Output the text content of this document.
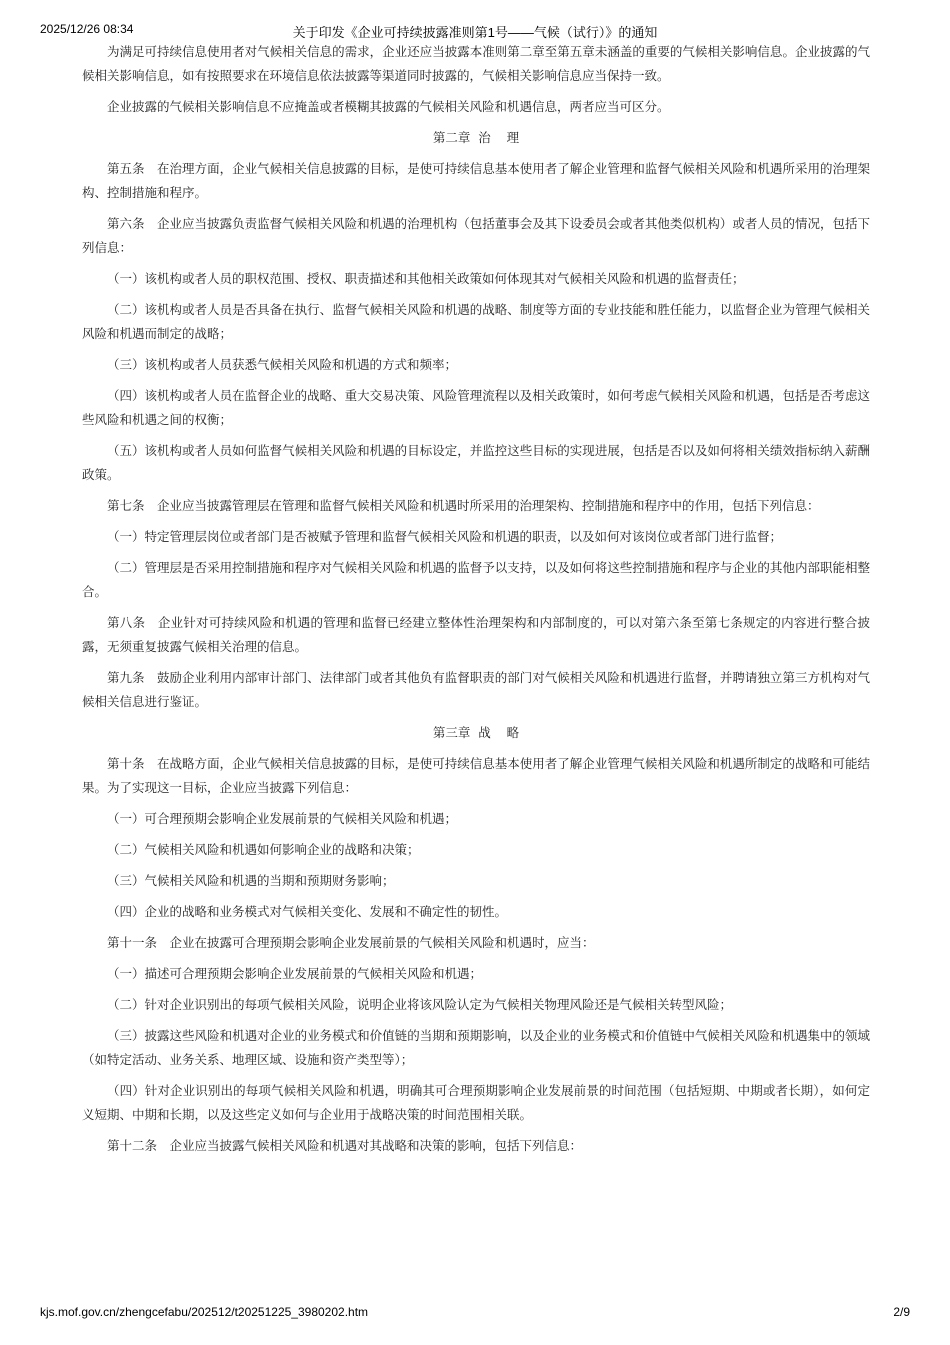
2025/12/26 08:34	关于印发《企业可持续披露准则第1号——气候（试行）》的通知

为满足可持续信息使用者对气候相关信息的需求，企业还应当披露本准则第二章至第五章未涵盖的重要的气候相关影响信息。企业披露的气候相关影响信息，如有按照要求在环境信息依法披露等渠道同时披露的，气候相关影响信息应当保持一致。

企业披露的气候相关影响信息不应掩盖或者模糊其披露的气候相关风险和机遇信息，两者应当可区分。

第二章  治    理

第五条　在治理方面，企业气候相关信息披露的目标，是使可持续信息基本使用者了解企业管理和监督气候相关风险和机遇所采用的治理架构、控制措施和程序。

第六条　企业应当披露负责监督气候相关风险和机遇的治理机构（包括董事会及其下设委员会或者其他类似机构）或者人员的情况，包括下列信息：

（一）该机构或者人员的职权范围、授权、职责描述和其他相关政策如何体现其对气候相关风险和机遇的监督责任；

（二）该机构或者人员是否具备在执行、监督气候相关风险和机遇的战略、制度等方面的专业技能和胜任能力，以监督企业为管理气候相关风险和机遇而制定的战略；

（三）该机构或者人员获悉气候相关风险和机遇的方式和频率；

（四）该机构或者人员在监督企业的战略、重大交易决策、风险管理流程以及相关政策时，如何考虑气候相关风险和机遇，包括是否考虑这些风险和机遇之间的权衡；

（五）该机构或者人员如何监督气候相关风险和机遇的目标设定，并监控这些目标的实现进展，包括是否以及如何将相关绩效指标纳入薪酬政策。

第七条　企业应当披露管理层在管理和监督气候相关风险和机遇时所采用的治理架构、控制措施和程序中的作用，包括下列信息：

（一）特定管理层岗位或者部门是否被赋予管理和监督气候相关风险和机遇的职责，以及如何对该岗位或者部门进行监督；

（二）管理层是否采用控制措施和程序对气候相关风险和机遇的监督予以支持，以及如何将这些控制措施和程序与企业的其他内部职能相整合。

第八条　企业针对可持续风险和机遇的管理和监督已经建立整体性治理架构和内部制度的，可以对第六条至第七条规定的内容进行整合披露，无须重复披露气候相关治理的信息。

第九条　鼓励企业利用内部审计部门、法律部门或者其他负有监督职责的部门对气候相关风险和机遇进行监督，并聘请独立第三方机构对气候相关信息进行鉴证。

第三章  战    略

第十条　在战略方面，企业气候相关信息披露的目标，是使可持续信息基本使用者了解企业管理气候相关风险和机遇所制定的战略和可能结果。为了实现这一目标，企业应当披露下列信息：

（一）可合理预期会影响企业发展前景的气候相关风险和机遇；

（二）气候相关风险和机遇如何影响企业的战略和决策；

（三）气候相关风险和机遇的当期和预期财务影响；

（四）企业的战略和业务模式对气候相关变化、发展和不确定性的韧性。

第十一条　企业在披露可合理预期会影响企业发展前景的气候相关风险和机遇时，应当：

（一）描述可合理预期会影响企业发展前景的气候相关风险和机遇；

（二）针对企业识别出的每项气候相关风险，说明企业将该风险认定为气候相关物理风险还是气候相关转型风险；

（三）披露这些风险和机遇对企业的业务模式和价值链的当期和预期影响，以及企业的业务模式和价值链中气候相关风险和机遇集中的领域（如特定活动、业务关系、地理区域、设施和资产类型等）；

（四）针对企业识别出的每项气候相关风险和机遇，明确其可合理预期影响企业发展前景的时间范围（包括短期、中期或者长期），如何定义短期、中期和长期，以及这些定义如何与企业用于战略决策的时间范围相关联。

第十二条　企业应当披露气候相关风险和机遇对其战略和决策的影响，包括下列信息：

kjs.mof.gov.cn/zhengcefabu/202512/t20251225_3980202.htm	2/9
